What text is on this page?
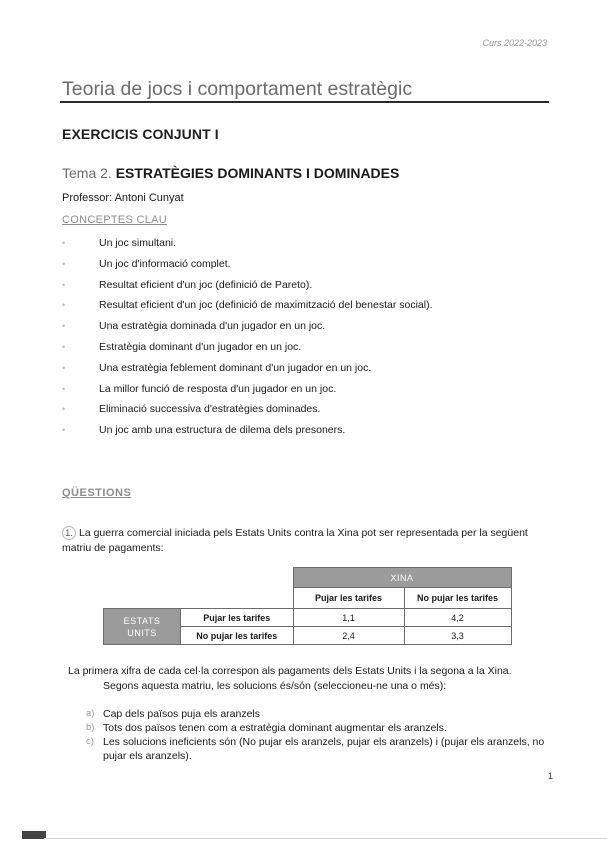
Curs 2022-2023
Teoria de jocs i comportament estratègic
EXERCICIS CONJUNT I
Tema 2. ESTRATÈGIES DOMINANTS I DOMINADES
Professor: Antoni Cunyat
CONCEPTES CLAU
•	Un joc simultani.
•	Un joc d'informació complet.
•	Resultat eficient d'un joc (definició de Pareto).
•	Resultat eficient d'un joc (definició de maximització del benestar social).
•	Una estratègia dominada d'un jugador en un joc.
•	Estratègia dominant d'un jugador en un joc.
•	Una estratègia feblement dominant d'un jugador en un joc.
•	La millor funció de resposta d'un jugador en un joc.
•	Eliminació successiva d'estratègies dominades.
•	Un joc amb una estructura de dilema dels presoners.
QÜESTIONS
1. La guerra comercial iniciada pels Estats Units contra la Xina pot ser representada per la següent matriu de pagaments:
		XINA	
		Pujar les tarifes	No pujar les tarifes
ESTATS
UNITS	Pujar les tarifes	1,1	4,2
	No pujar les tarifes	2,4	3,3
La primera xifra de cada cel·la correspon als pagaments dels Estats Units i la segona a la Xina.
Segons aquesta matriu, les solucions és/són (seleccioneu-ne una o més):
a) Cap dels països puja els aranzels
b) Tots dos països tenen com a estratègia dominant augmentar els aranzels.
c) Les solucions ineficients són (No pujar els aranzels, pujar els aranzels) i (pujar els aranzels, no pujar els aranzels).
1
